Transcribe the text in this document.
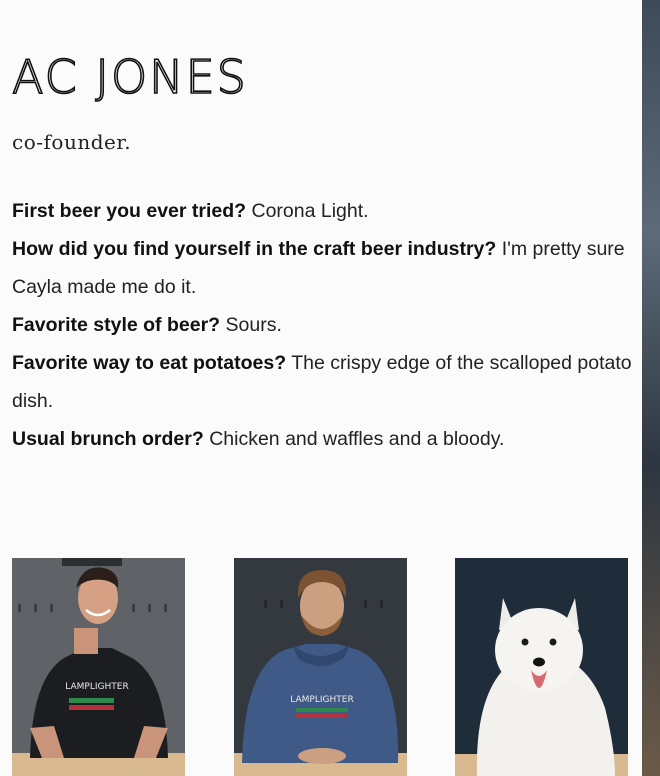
AC JONES
co-founder.

First beer you ever tried? Corona Light.

How did you find yourself in the craft beer industry? I'm pretty sure Cayla made me do it.

Favorite style of beer? Sours.

Favorite way to eat potatoes? The crispy edge of the scalloped potato dish.

Usual brunch order? Chicken and waffles and a bloody.

LAMPLIGHTER
LAMPLIGHTER
